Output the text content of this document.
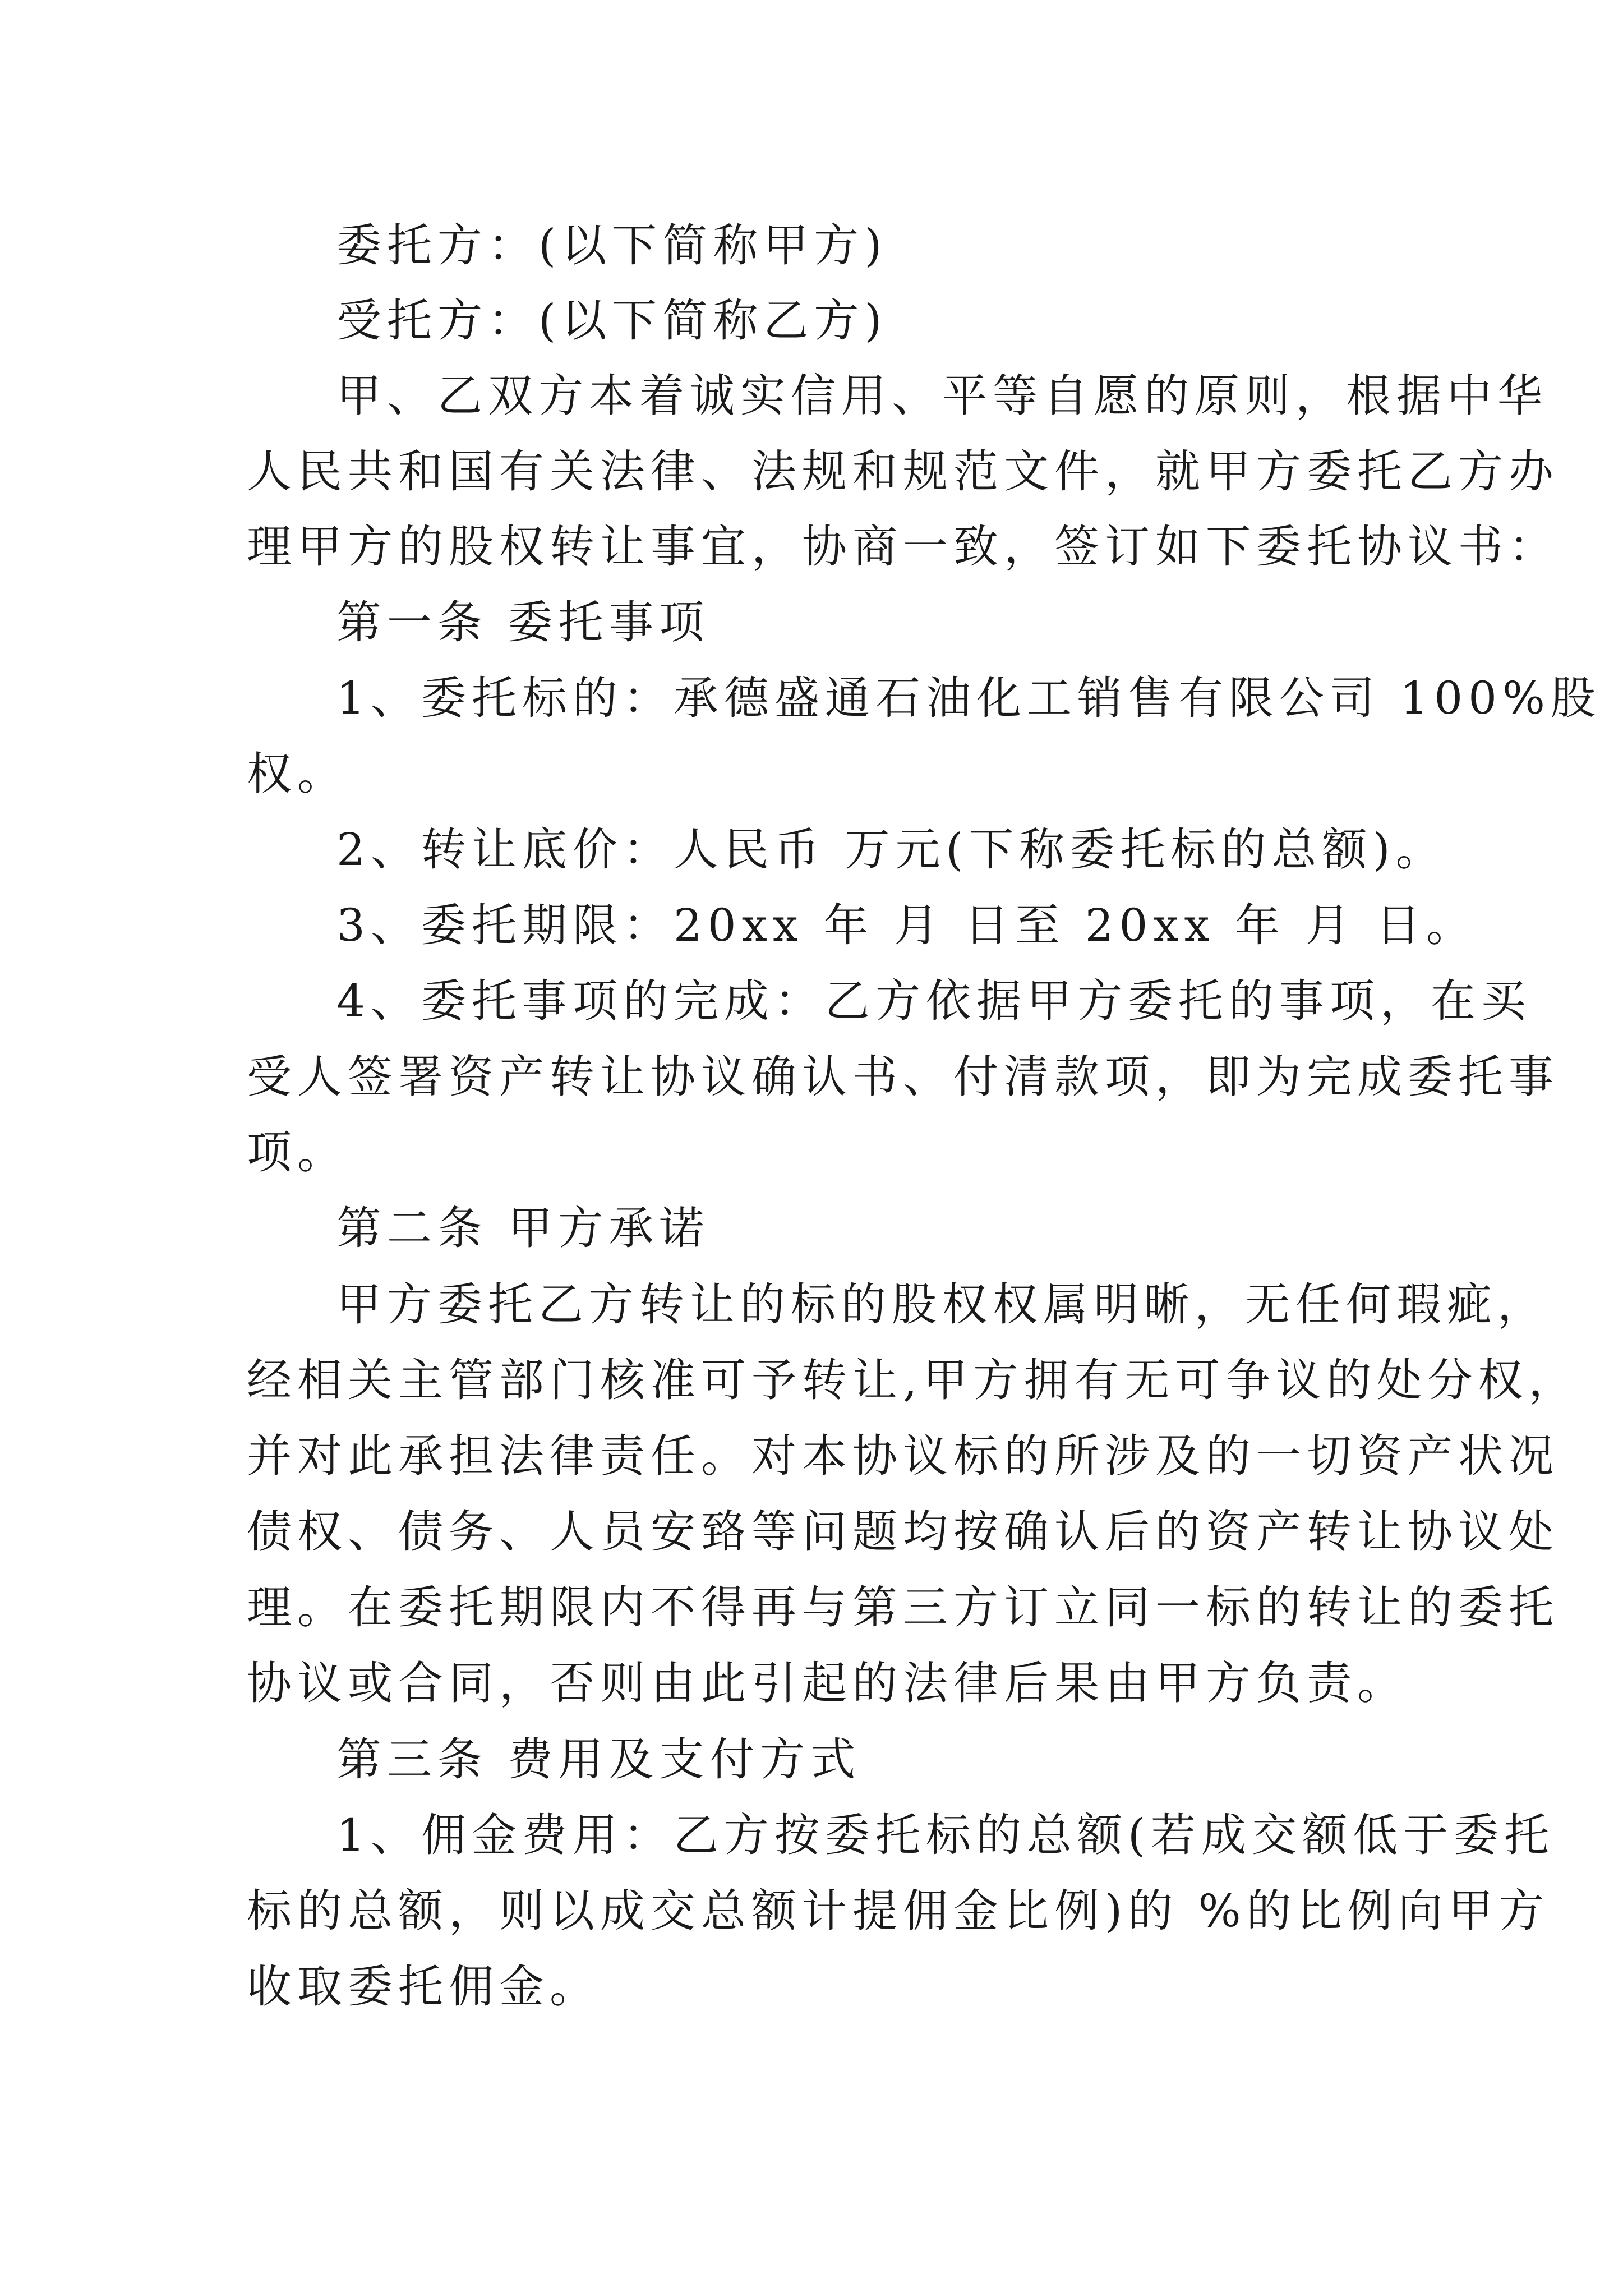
委托方：(以下简称甲方)
受托方：(以下简称乙方)
甲、乙双方本着诚实信用、平等自愿的原则，根据中华
人民共和国有关法律、法规和规范文件，就甲方委托乙方办
理甲方的股权转让事宜，协商一致，签订如下委托协议书：
第一条 委托事项
1、委托标的：承德盛通石油化工销售有限公司 100%股
权。
2、转让底价：人民币 万元(下称委托标的总额)。
3、委托期限：20xx 年 月 日至 20xx 年 月 日。
4、委托事项的完成：乙方依据甲方委托的事项，在买
受人签署资产转让协议确认书、付清款项，即为完成委托事
项。
第二条 甲方承诺
甲方委托乙方转让的标的股权权属明晰，无任何瑕疵，
经相关主管部门核准可予转让,甲方拥有无可争议的处分权，
并对此承担法律责任。对本协议标的所涉及的一切资产状况
债权、债务、人员安臵等问题均按确认后的资产转让协议处
理。在委托期限内不得再与第三方订立同一标的转让的委托
协议或合同，否则由此引起的法律后果由甲方负责。
第三条 费用及支付方式
1、佣金费用：乙方按委托标的总额(若成交额低于委托
标的总额，则以成交总额计提佣金比例)的 %的比例向甲方
收取委托佣金。
